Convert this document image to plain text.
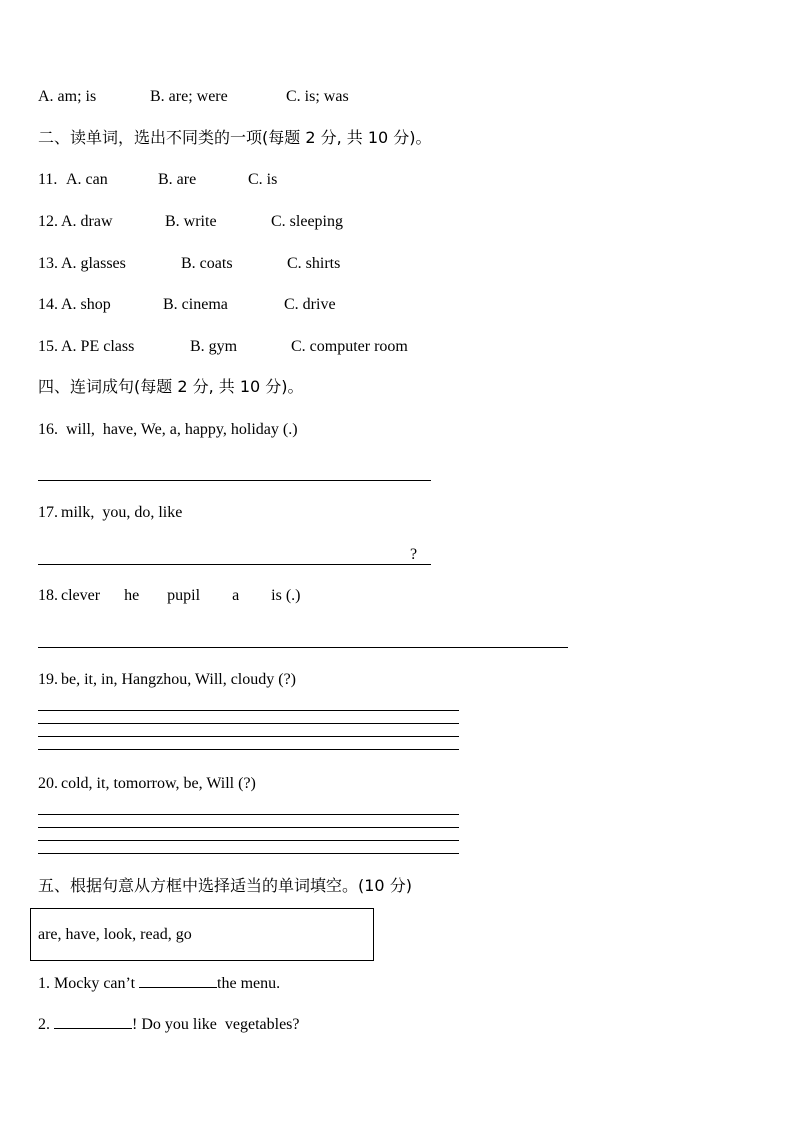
A. am; is	B. are; were	C. is; was
二、读单词，选出不同类的一项(每题 2 分, 共 10 分)。
11. A. can	B. are	C. is
12. A. draw	B. write	C. sleeping
13. A. glasses	B. coats	C. shirts
14. A. shop	B. cinema	C. drive
15. A. PE class	B. gym	C. computer room
四、连词成句(每题 2 分, 共 10 分)。
16. will,  have, We, a, happy, holiday (.)
17. milk,  you, do, like
?
18. clever      he       pupil        a        is (.)
19. be, it, in, Hangzhou, Will, cloudy (?)
20. cold, it, tomorrow, be, Will (?)
五、根据句意从方框中选择适当的单词填空。(10 分)
are, have, look, read, go
1. Mocky can’t	the menu.
2.	! Do you like  vegetables?
